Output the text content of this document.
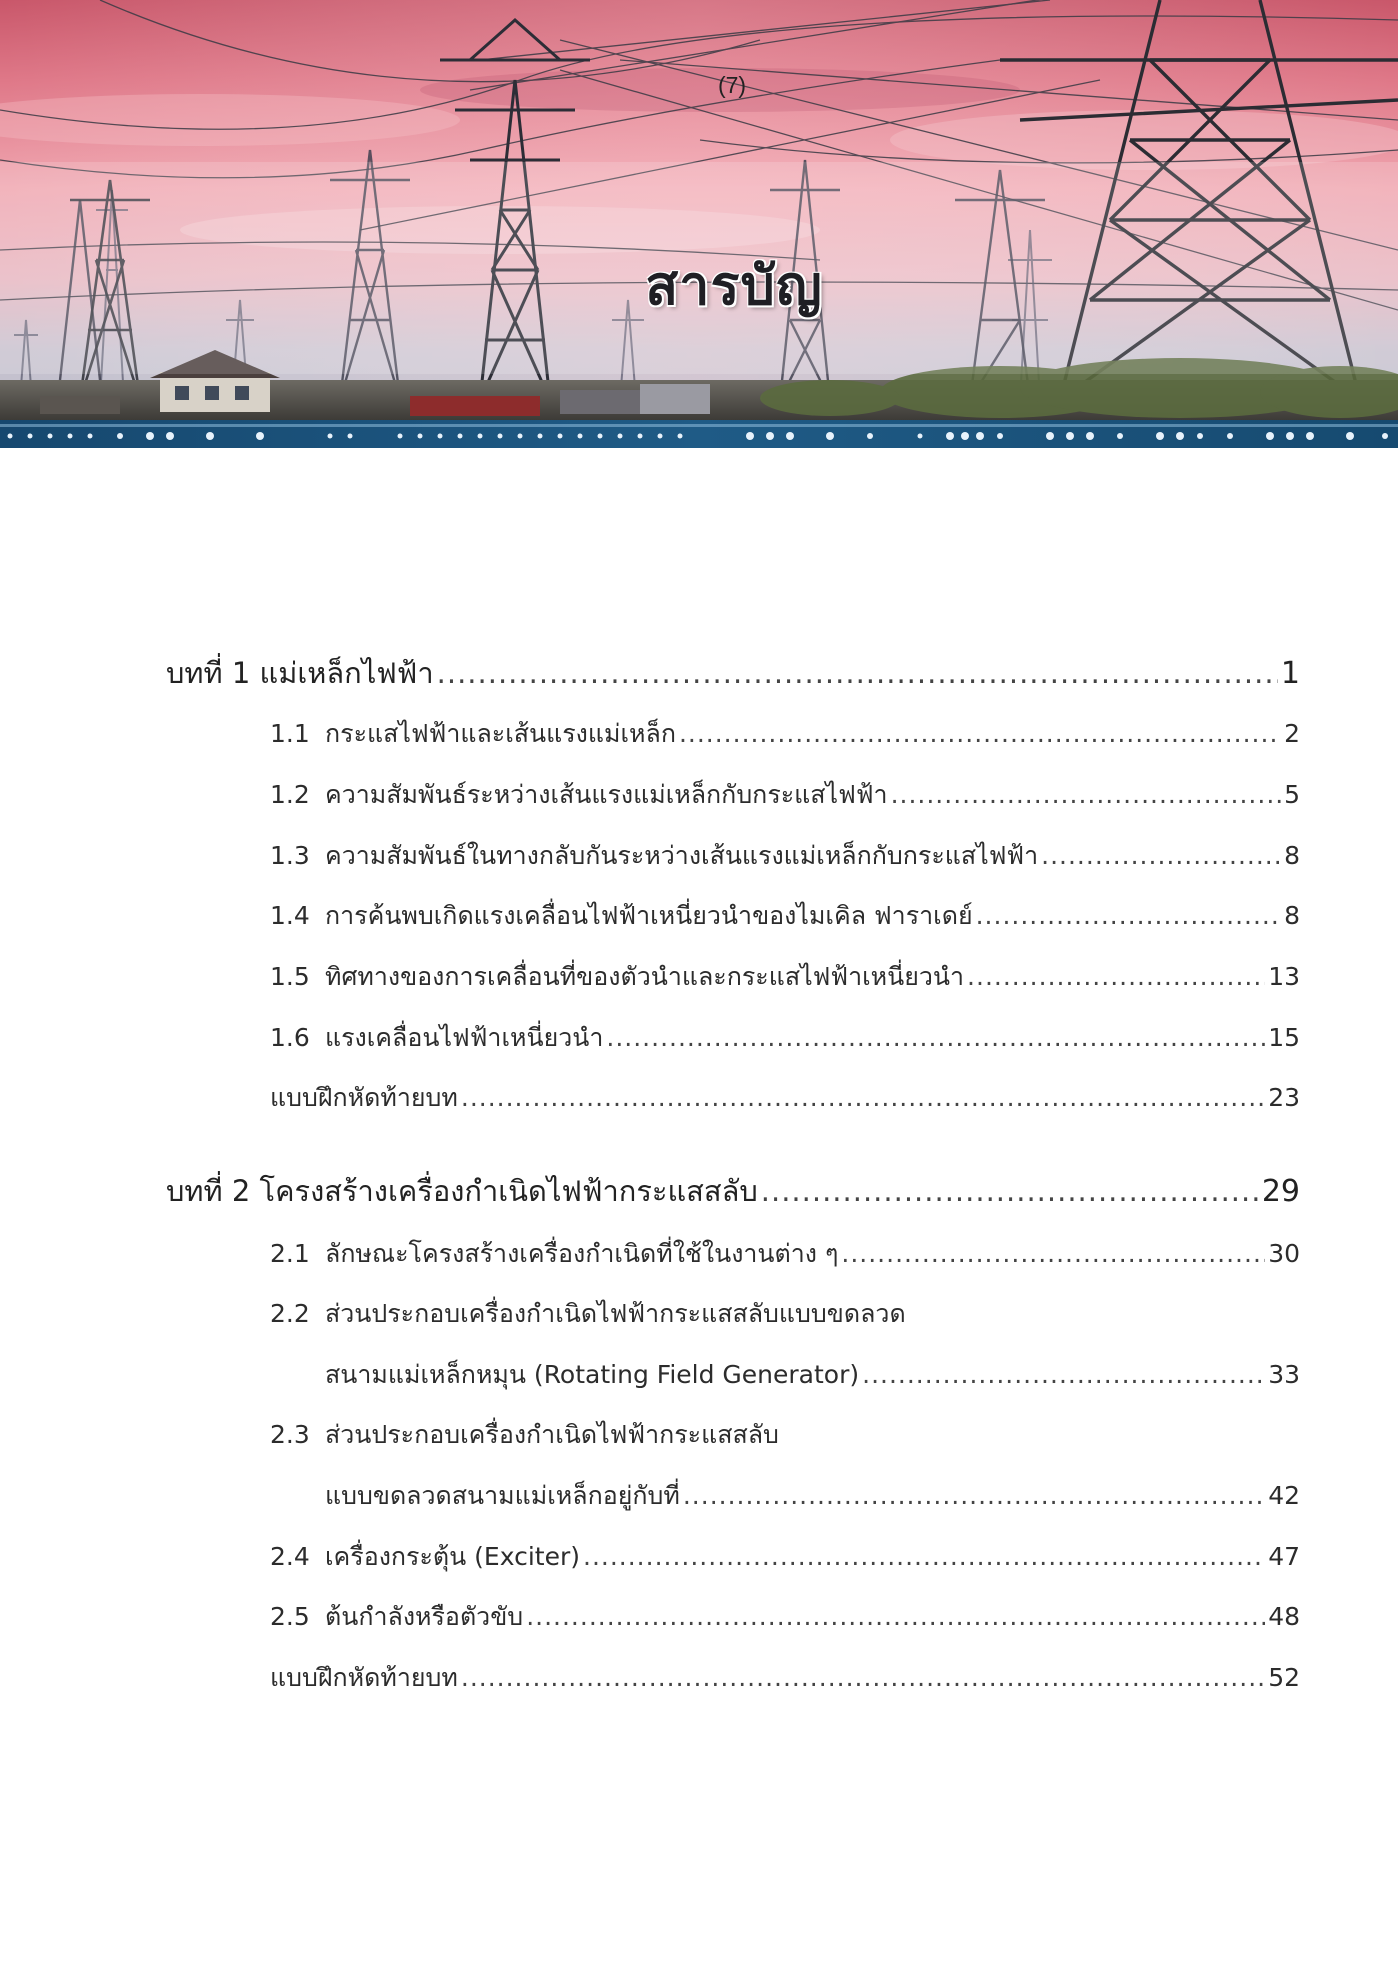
(7)
สารบัญ
บทที่ 1 แม่เหล็กไฟฟ้า .....	1
1.1 กระแสไฟฟ้าและเส้นแรงแม่เหล็ก .....	2
1.2 ความสัมพันธ์ระหว่างเส้นแรงแม่เหล็กกับกระแสไฟฟ้า .....	5
1.3 ความสัมพันธ์ในทางกลับกันระหว่างเส้นแรงแม่เหล็กกับกระแสไฟฟ้า .....	8
1.4 การค้นพบเกิดแรงเคลื่อนไฟฟ้าเหนี่ยวนำของไมเคิล ฟาราเดย์ .....	8
1.5 ทิศทางของการเคลื่อนที่ของตัวนำและกระแสไฟฟ้าเหนี่ยวนำ .....	13
1.6 แรงเคลื่อนไฟฟ้าเหนี่ยวนำ .....	15
แบบฝึกหัดท้ายบท .....	23
บทที่ 2 โครงสร้างเครื่องกำเนิดไฟฟ้ากระแสสลับ .....	29
2.1 ลักษณะโครงสร้างเครื่องกำเนิดที่ใช้ในงานต่าง ๆ .....	30
2.2 ส่วนประกอบเครื่องกำเนิดไฟฟ้ากระแสสลับแบบขดลวด
สนามแม่เหล็กหมุน (Rotating Field Generator) .....	33
2.3 ส่วนประกอบเครื่องกำเนิดไฟฟ้ากระแสสลับ
แบบขดลวดสนามแม่เหล็กอยู่กับที่ .....	42
2.4 เครื่องกระตุ้น (Exciter) .....	47
2.5 ต้นกำลังหรือตัวขับ .....	48
แบบฝึกหัดท้ายบท .....	52
